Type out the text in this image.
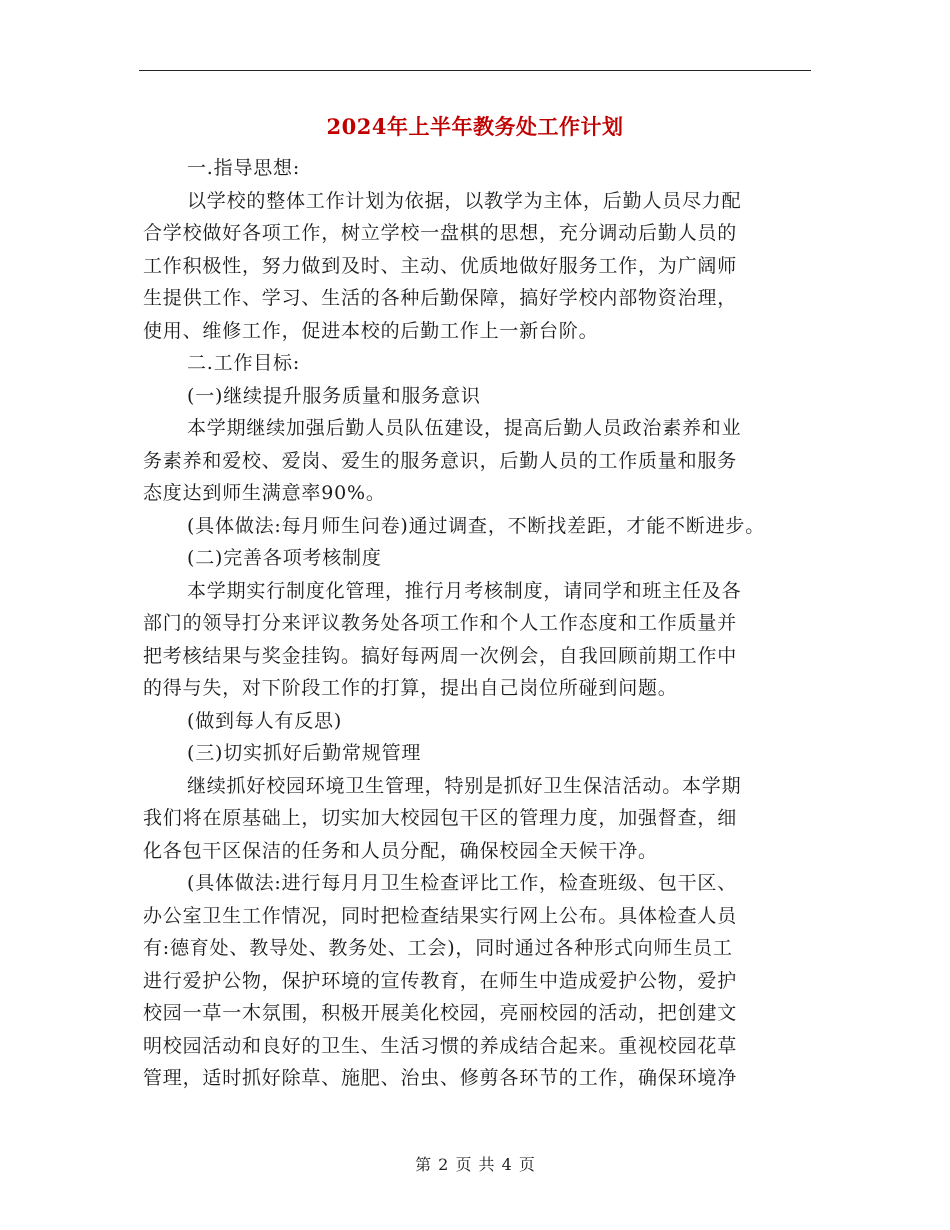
2024年上半年教务处工作计划
一.指导思想:
以学校的整体工作计划为依据，以教学为主体，后勤人员尽力配
合学校做好各项工作，树立学校一盘棋的思想，充分调动后勤人员的
工作积极性，努力做到及时、主动、优质地做好服务工作，为广阔师
生提供工作、学习、生活的各种后勤保障，搞好学校内部物资治理，
使用、维修工作，促进本校的后勤工作上一新台阶。
二.工作目标:
(一)继续提升服务质量和服务意识
本学期继续加强后勤人员队伍建设，提高后勤人员政治素养和业
务素养和爱校、爱岗、爱生的服务意识，后勤人员的工作质量和服务
态度达到师生满意率90%。
(具体做法:每月师生问卷)通过调查，不断找差距，才能不断进步。
(二)完善各项考核制度
本学期实行制度化管理，推行月考核制度，请同学和班主任及各
部门的领导打分来评议教务处各项工作和个人工作态度和工作质量并
把考核结果与奖金挂钩。搞好每两周一次例会，自我回顾前期工作中
的得与失，对下阶段工作的打算，提出自己岗位所碰到问题。
(做到每人有反思)
(三)切实抓好后勤常规管理
继续抓好校园环境卫生管理，特别是抓好卫生保洁活动。本学期
我们将在原基础上，切实加大校园包干区的管理力度，加强督查，细
化各包干区保洁的任务和人员分配，确保校园全天候干净。
(具体做法:进行每月月卫生检查评比工作，检查班级、包干区、
办公室卫生工作情况，同时把检查结果实行网上公布。具体检查人员
有:德育处、教导处、教务处、工会)，同时通过各种形式向师生员工
进行爱护公物，保护环境的宣传教育，在师生中造成爱护公物，爱护
校园一草一木氛围，积极开展美化校园，亮丽校园的活动，把创建文
明校园活动和良好的卫生、生活习惯的养成结合起来。重视校园花草
管理，适时抓好除草、施肥、治虫、修剪各环节的工作，确保环境净
第 2 页 共 4 页
